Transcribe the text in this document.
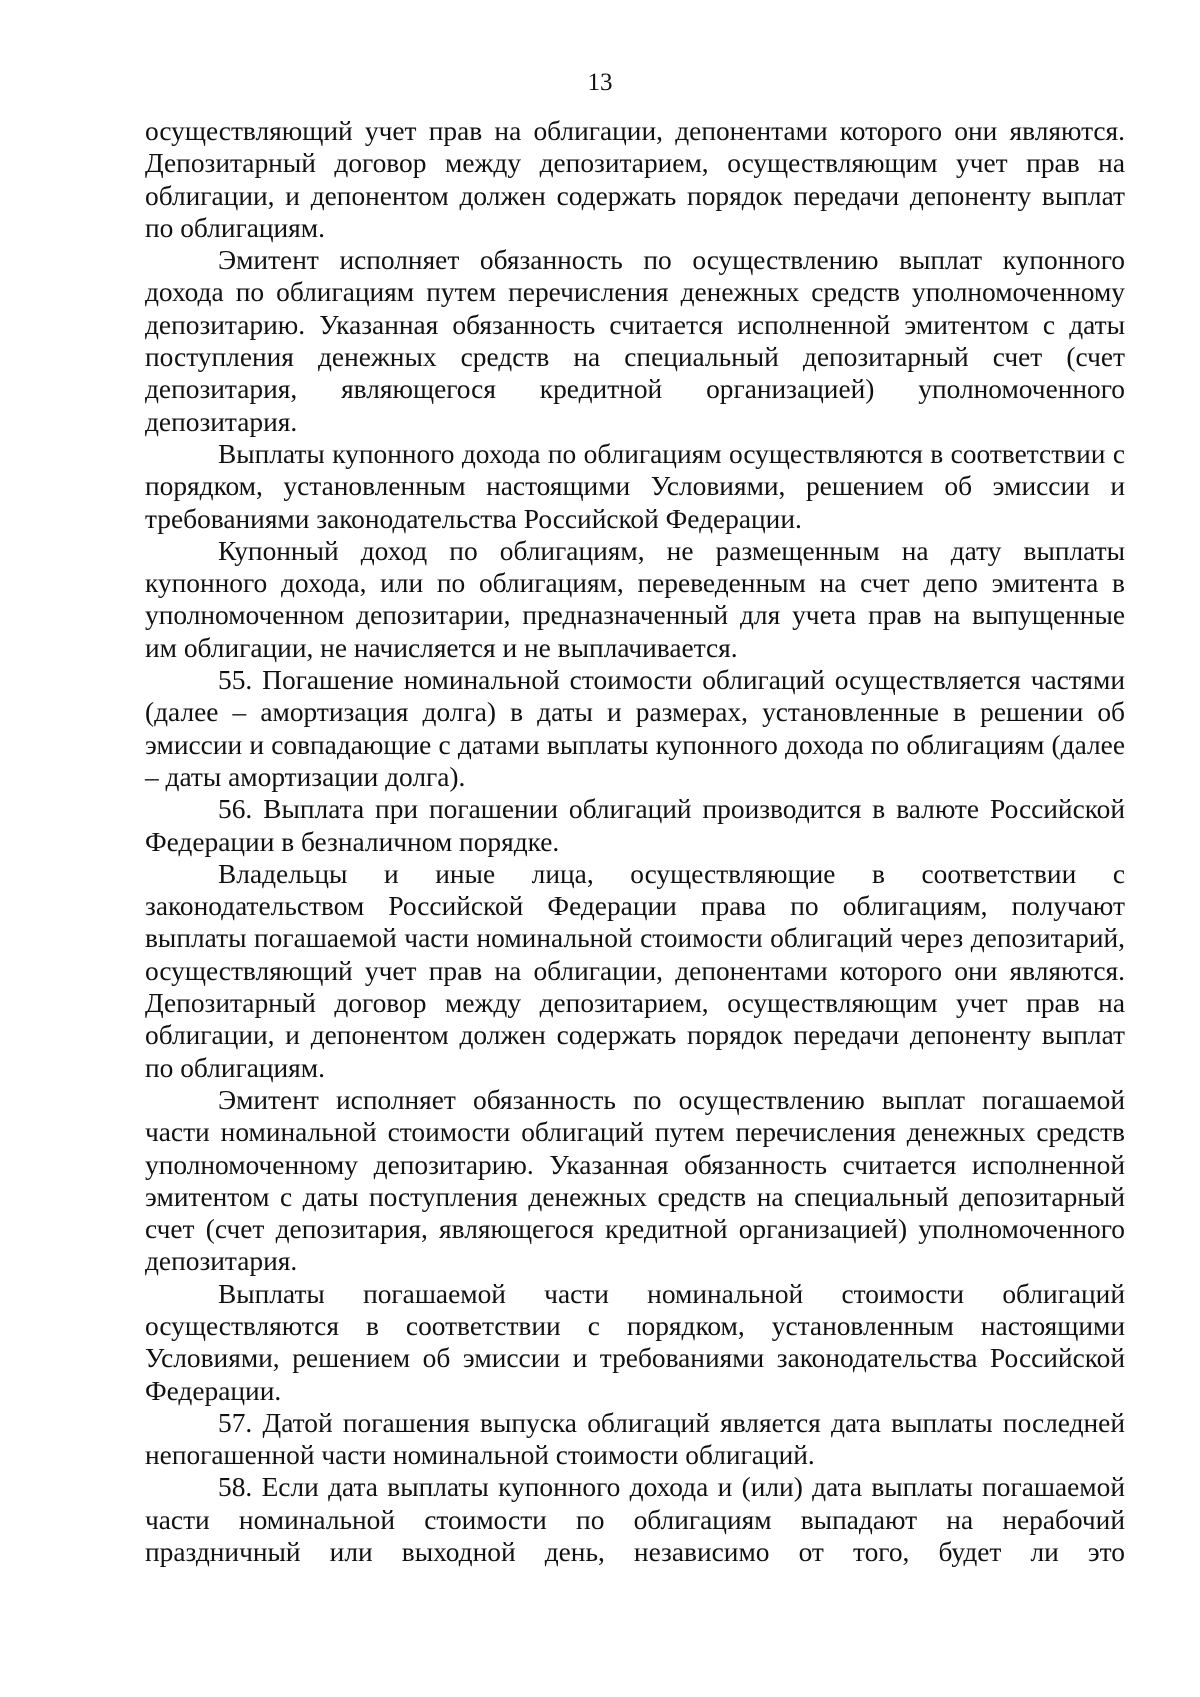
13

осуществляющий учет прав на облигации, депонентами которого они являются. Депозитарный договор между депозитарием, осуществляющим учет прав на облигации, и депонентом должен содержать порядок передачи депоненту выплат по облигациям.

Эмитент исполняет обязанность по осуществлению выплат купонного дохода по облигациям путем перечисления денежных средств уполномоченному депозитарию. Указанная обязанность считается исполненной эмитентом с даты поступления денежных средств на специальный депозитарный счет (счет депозитария, являющегося кредитной организацией) уполномоченного депозитария.

Выплаты купонного дохода по облигациям осуществляются в соответствии с порядком, установленным настоящими Условиями, решением об эмиссии и требованиями законодательства Российской Федерации.

Купонный доход по облигациям, не размещенным на дату выплаты купонного дохода, или по облигациям, переведенным на счет депо эмитента в уполномоченном депозитарии, предназначенный для учета прав на выпущенные им облигации, не начисляется и не выплачивается.

55. Погашение номинальной стоимости облигаций осуществляется частями (далее – амортизация долга) в даты и размерах, установленные в решении об эмиссии и совпадающие с датами выплаты купонного дохода по облигациям (далее – даты амортизации долга).

56. Выплата при погашении облигаций производится в валюте Российской Федерации в безналичном порядке.

Владельцы и иные лица, осуществляющие в соответствии с законодательством Российской Федерации права по облигациям, получают выплаты погашаемой части номинальной стоимости облигаций через депозитарий, осуществляющий учет прав на облигации, депонентами которого они являются. Депозитарный договор между депозитарием, осуществляющим учет прав на облигации, и депонентом должен содержать порядок передачи депоненту выплат по облигациям.

Эмитент исполняет обязанность по осуществлению выплат погашаемой части номинальной стоимости облигаций путем перечисления денежных средств уполномоченному депозитарию. Указанная обязанность считается исполненной эмитентом с даты поступления денежных средств на специальный депозитарный счет (счет депозитария, являющегося кредитной организацией) уполномоченного депозитария.

Выплаты погашаемой части номинальной стоимости облигаций осуществляются в соответствии с порядком, установленным настоящими Условиями, решением об эмиссии и требованиями законодательства Российской Федерации.

57. Датой погашения выпуска облигаций является дата выплаты последней непогашенной части номинальной стоимости облигаций.

58. Если дата выплаты купонного дохода и (или) дата выплаты погашаемой части номинальной стоимости по облигациям выпадают на нерабочий праздничный или выходной день, независимо от того, будет ли это
